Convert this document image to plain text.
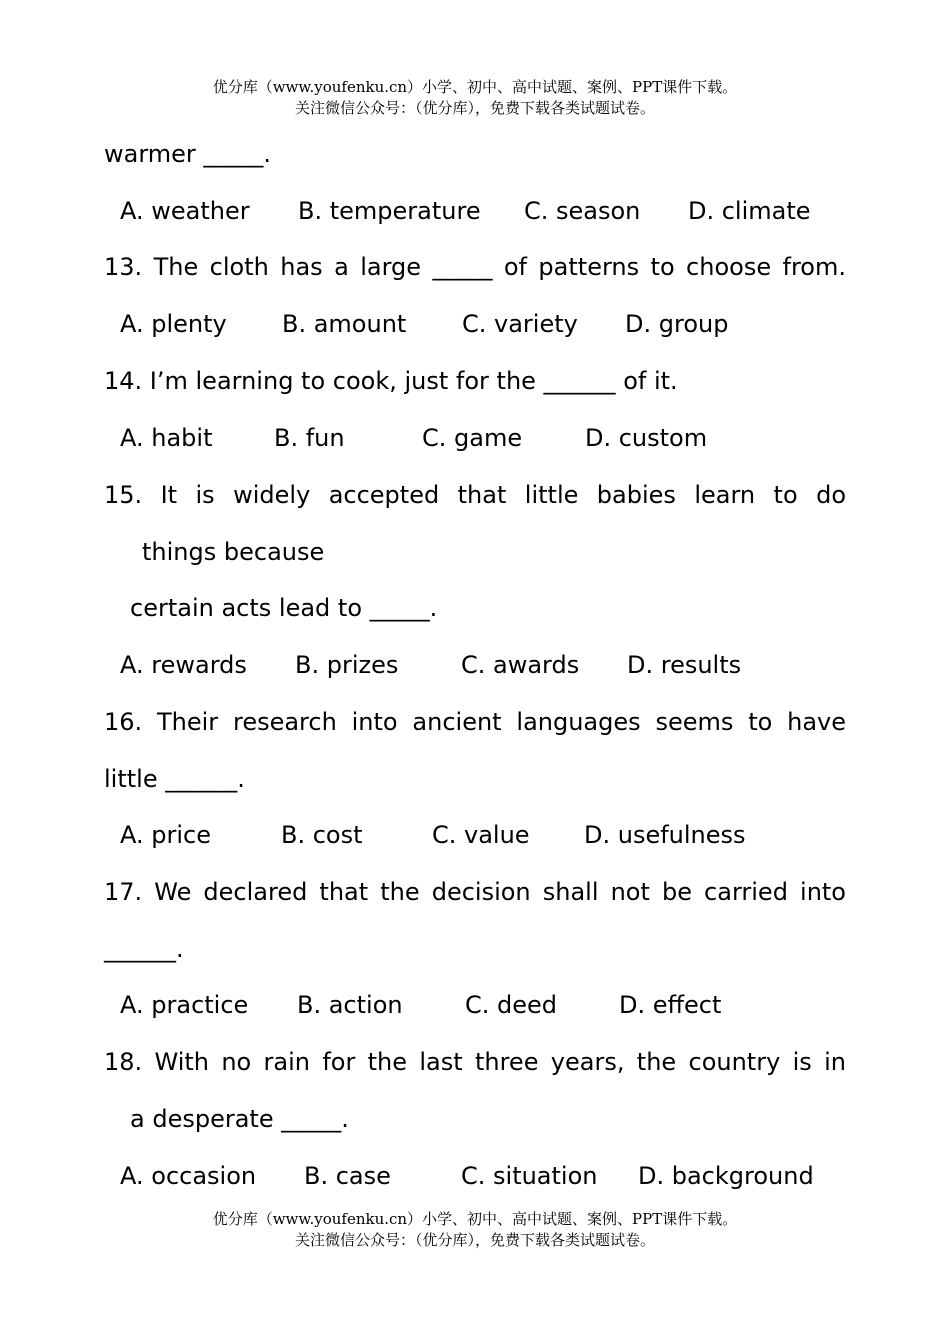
优分库（www.youfenku.cn）小学、初中、高中试题、案例、PPT课件下载。
关注微信公众号：（优分库），免费下载各类试题试卷。
warmer _____.
A. weather B. temperature C. season D. climate
13. The cloth has a large _____ of patterns to choose from.
A. plenty B. amount C. variety D. group
14. I’m learning to cook, just for the ______ of it.
A. habit	B. fun	C. game	D. custom
15. It is widely accepted that little babies learn to do
things because
certain acts lead to _____.
A. rewards B. prizes	C. awards D. results
16. Their research into ancient languages seems to have
little ______.
A. price	B. cost	C. value D. usefulness
17. We declared that the decision shall not be carried into
______.
A. practice B. action	C. deed	D. effect
18. With no rain for the last three years, the country is in
a desperate _____.
A. occasion B. case	C. situation D. background
优分库（www.youfenku.cn）小学、初中、高中试题、案例、PPT课件下载。
关注微信公众号：（优分库），免费下载各类试题试卷。
